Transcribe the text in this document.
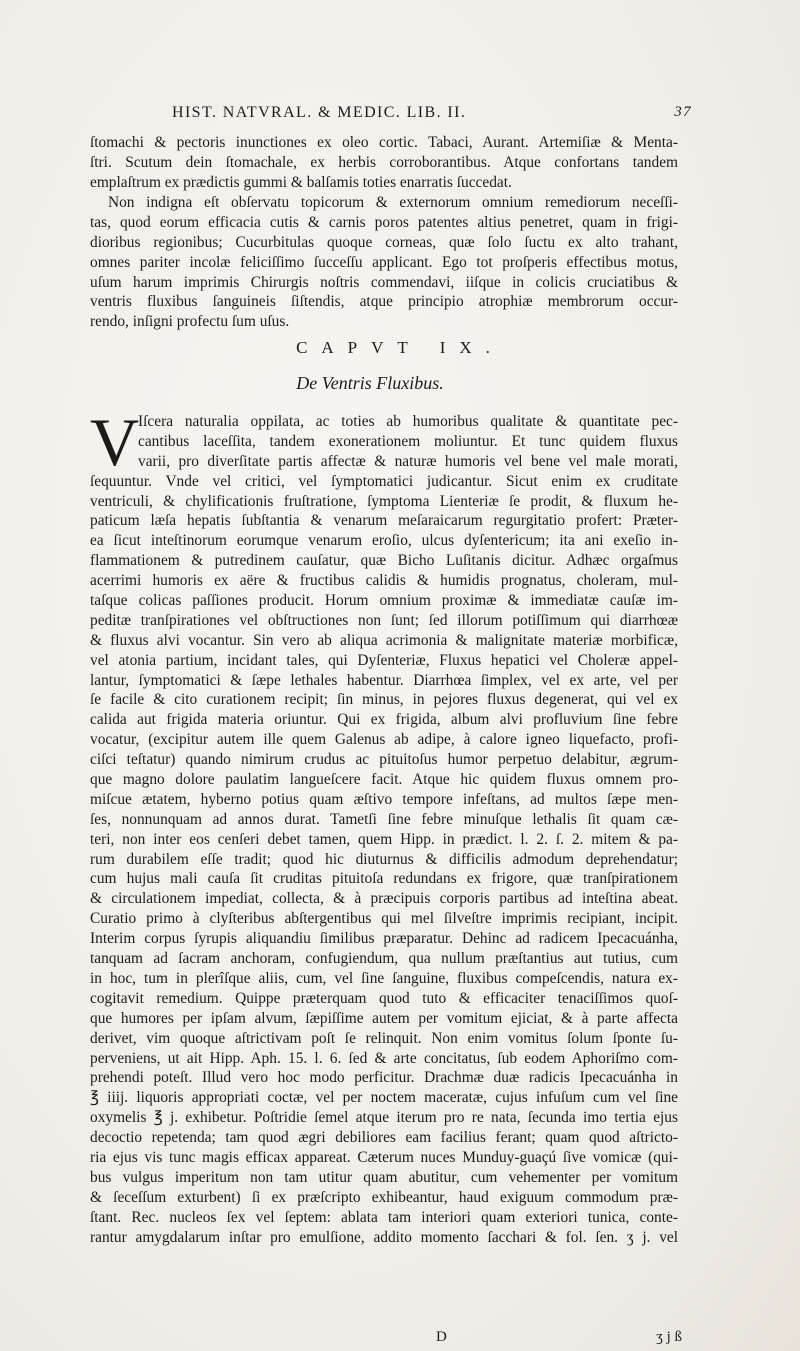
HIST. NATVRAL. & MEDIC. LIB. II.	37
ſtomachi & pectoris inunctiones ex oleo cortic. Tabaci, Aurant. Artemiſiæ & Menta-
ſtri. Scutum dein ſtomachale, ex herbis corroborantibus. Atque confortans tandem
emplaſtrum ex prædictis gummi & balſamis toties enarratis ſuccedat.
Non indigna eſt obſervatu topicorum & externorum omnium remediorum neceſſi-
tas, quod eorum efficacia cutis & carnis poros patentes altius penetret, quam in frigi-
dioribus regionibus; Cucurbitulas quoque corneas, quæ ſolo ſuctu ex alto trahant,
omnes pariter incolæ feliciſſimo ſucceſſu applicant. Ego tot proſperis effectibus motus,
uſum harum imprimis Chirurgis noſtris commendavi, iiſque in colicis cruciatibus &
ventris fluxibus ſanguineis ſiſtendis, atque principio atrophiæ membrorum occur-
rendo, inſigni profectu ſum uſus.
CAPVT IX.
De Ventris Fluxibus.
V
Iſcera naturalia oppilata, ac toties ab humoribus qualitate & quantitate pec-
cantibus laceſſita, tandem exonerationem moliuntur. Et tunc quidem fluxus
varii, pro diverſitate partis affectæ & naturæ humoris vel bene vel male morati,
ſequuntur. Vnde vel critici, vel ſymptomatici judicantur. Sicut enim ex cruditate
ventriculi, & chylificationis fruſtratione, ſymptoma Lienteriæ ſe prodit, & fluxum he-
paticum læſa hepatis ſubſtantia & venarum meſaraicarum regurgitatio profert: Præter-
ea ſicut inteſtinorum eorumque venarum eroſio, ulcus dyſentericum; ita ani exeſio in-
flammationem & putredinem cauſatur, quæ Bicho Luſitanis dicitur. Adhæc orgaſmus
acerrimi humoris ex aëre & fructibus calidis & humidis prognatus, choleram, mul-
taſque colicas paſſiones producit. Horum omnium proximæ & immediatæ cauſæ im-
peditæ tranſpirationes vel obſtructiones non ſunt; ſed illorum potiſſimum qui diarrhœæ
& fluxus alvi vocantur. Sin vero ab aliqua acrimonia & malignitate materiæ morbificæ,
vel atonia partium, incidant tales, qui Dyſenteriæ, Fluxus hepatici vel Choleræ appel-
lantur, ſymptomatici & ſæpe lethales habentur. Diarrhœa ſimplex, vel ex arte, vel per
ſe facile & cito curationem recipit; ſin minus, in pejores fluxus degenerat, qui vel ex
calida aut frigida materia oriuntur. Qui ex frigida, album alvi profluvium ſine febre
vocatur, (excipitur autem ille quem Galenus ab adipe, à calore igneo liquefacto, profi-
ciſci teſtatur) quando nimirum crudus ac pituitoſus humor perpetuo delabitur, ægrum-
que magno dolore paulatim langueſcere facit. Atque hic quidem fluxus omnem pro-
miſcue ætatem, hyberno potius quam æſtivo tempore infeſtans, ad multos ſæpe men-
ſes, nonnunquam ad annos durat. Tametſi ſine febre minuſque lethalis ſit quam cæ-
teri, non inter eos cenſeri debet tamen, quem Hipp. in prædict. l. 2. ſ. 2. mitem & pa-
rum durabilem eſſe tradit; quod hic diuturnus & difficilis admodum deprehendatur;
cum hujus mali cauſa ſit cruditas pituitoſa redundans ex frigore, quæ tranſpirationem
& circulationem impediat, collecta, & à præcipuis corporis partibus ad inteſtina abeat.
Curatio primo à clyſteribus abſtergentibus qui mel ſilveſtre imprimis recipiant, incipit.
Interim corpus ſyrupis aliquandiu ſimilibus præparatur. Dehinc ad radicem Ipecacuánha,
tanquam ad ſacram anchoram, confugiendum, qua nullum præſtantius aut tutius, cum
in hoc, tum in plerîſque aliis, cum, vel ſine ſanguine, fluxibus compeſcendis, natura ex-
cogitavit remedium. Quippe præterquam quod tuto & efficaciter tenaciſſimos quoſ-
que humores per ipſam alvum, ſæpiſſime autem per vomitum ejiciat, & à parte affecta
derivet, vim quoque aſtrictivam poſt ſe relinquit. Non enim vomitus ſolum ſponte ſu-
perveniens, ut ait Hipp. Aph. 15. l. 6. ſed & arte concitatus, ſub eodem Aphoriſmo com-
prehendi poteſt. Illud vero hoc modo perficitur. Drachmæ duæ radicis Ipecacuánha in
℥ iiij. liquoris appropriati coctæ, vel per noctem maceratæ, cujus infuſum cum vel ſine
oxymelis ℥ j. exhibetur. Poſtridie ſemel atque iterum pro re nata, ſecunda imo tertia ejus
decoctio repetenda; tam quod ægri debiliores eam facilius ferant; quam quod aſtricto-
ria ejus vis tunc magis efficax appareat. Cæterum nuces Munduy-guaçú ſive vomicæ (qui-
bus vulgus imperitum non tam utitur quam abutitur, cum vehementer per vomitum
& ſeceſſum exturbent) ſi ex præſcripto exhibeantur, haud exiguum commodum præ-
ſtant. Rec. nucleos ſex vel ſeptem: ablata tam interiori quam exteriori tunica, conte-
rantur amygdalarum inſtar pro emulſione, addito momento ſacchari & fol. ſen. ʒ j. vel
D	ʒ j ß
